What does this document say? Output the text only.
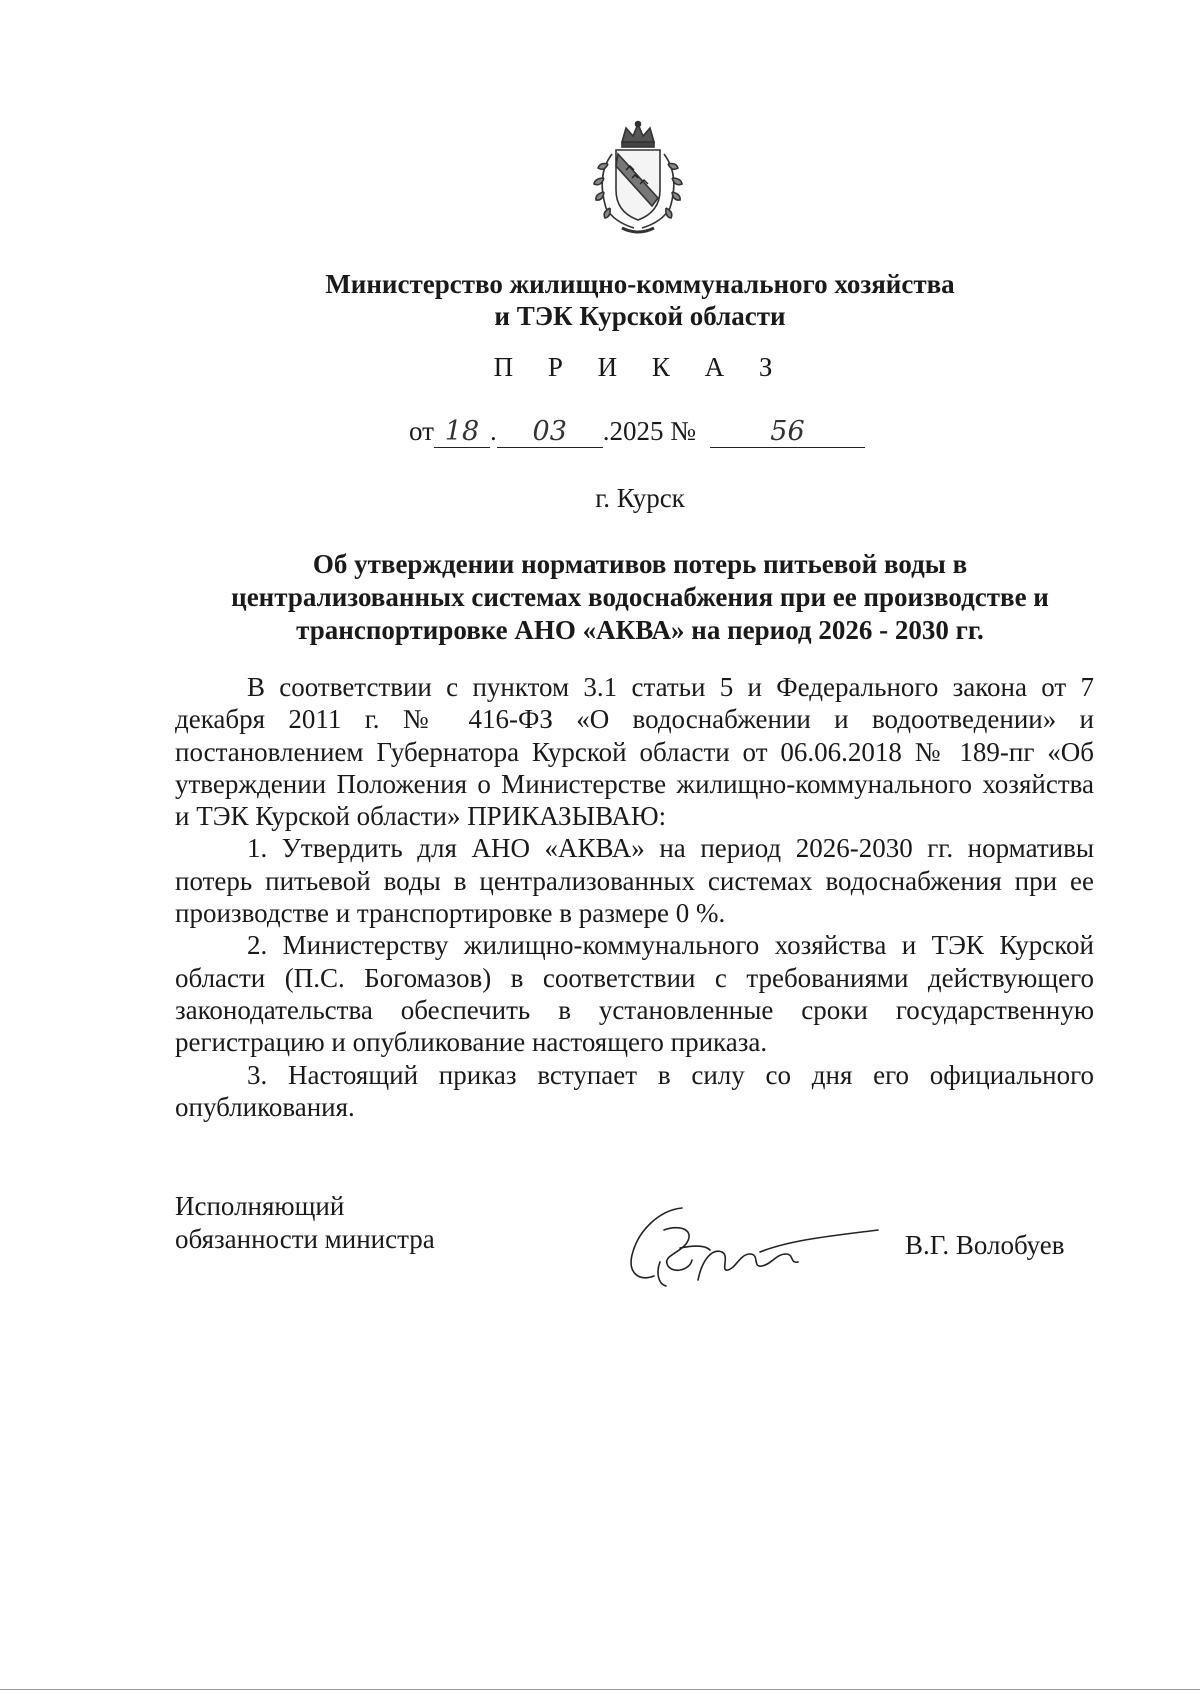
Министерство жилищно-коммунального хозяйства
и ТЭК Курской области
П Р И К А З
от 18 . 03 .2025 №	56
г. Курск
Об утверждении нормативов потерь питьевой воды в
централизованных системах водоснабжения при ее производстве и
транспортировке АНО «АКВА» на период 2026 - 2030 гг.

В соответствии с пунктом 3.1 статьи 5 и Федерального закона от 7 декабря 2011 г. № 416-ФЗ «О водоснабжении и водоотведении» и постановлением Губернатора Курской области от 06.06.2018 № 189-пг «Об утверждении Положения о Министерстве жилищно-коммунального хозяйства и ТЭК Курской области» ПРИКАЗЫВАЮ:

1. Утвердить для АНО «АКВА» на период 2026-2030 гг. нормативы потерь питьевой воды в централизованных системах водоснабжения при ее производстве и транспортировке в размере 0 %.

2. Министерству жилищно-коммунального хозяйства и ТЭК Курской области (П.С. Богомазов) в соответствии с требованиями действующего законодательства обеспечить в установленные сроки государственную регистрацию и опубликование настоящего приказа.

3. Настоящий приказ вступает в силу со дня его официального опубликования.

Исполняющий
обязанности министра	В.Г. Волобуев
